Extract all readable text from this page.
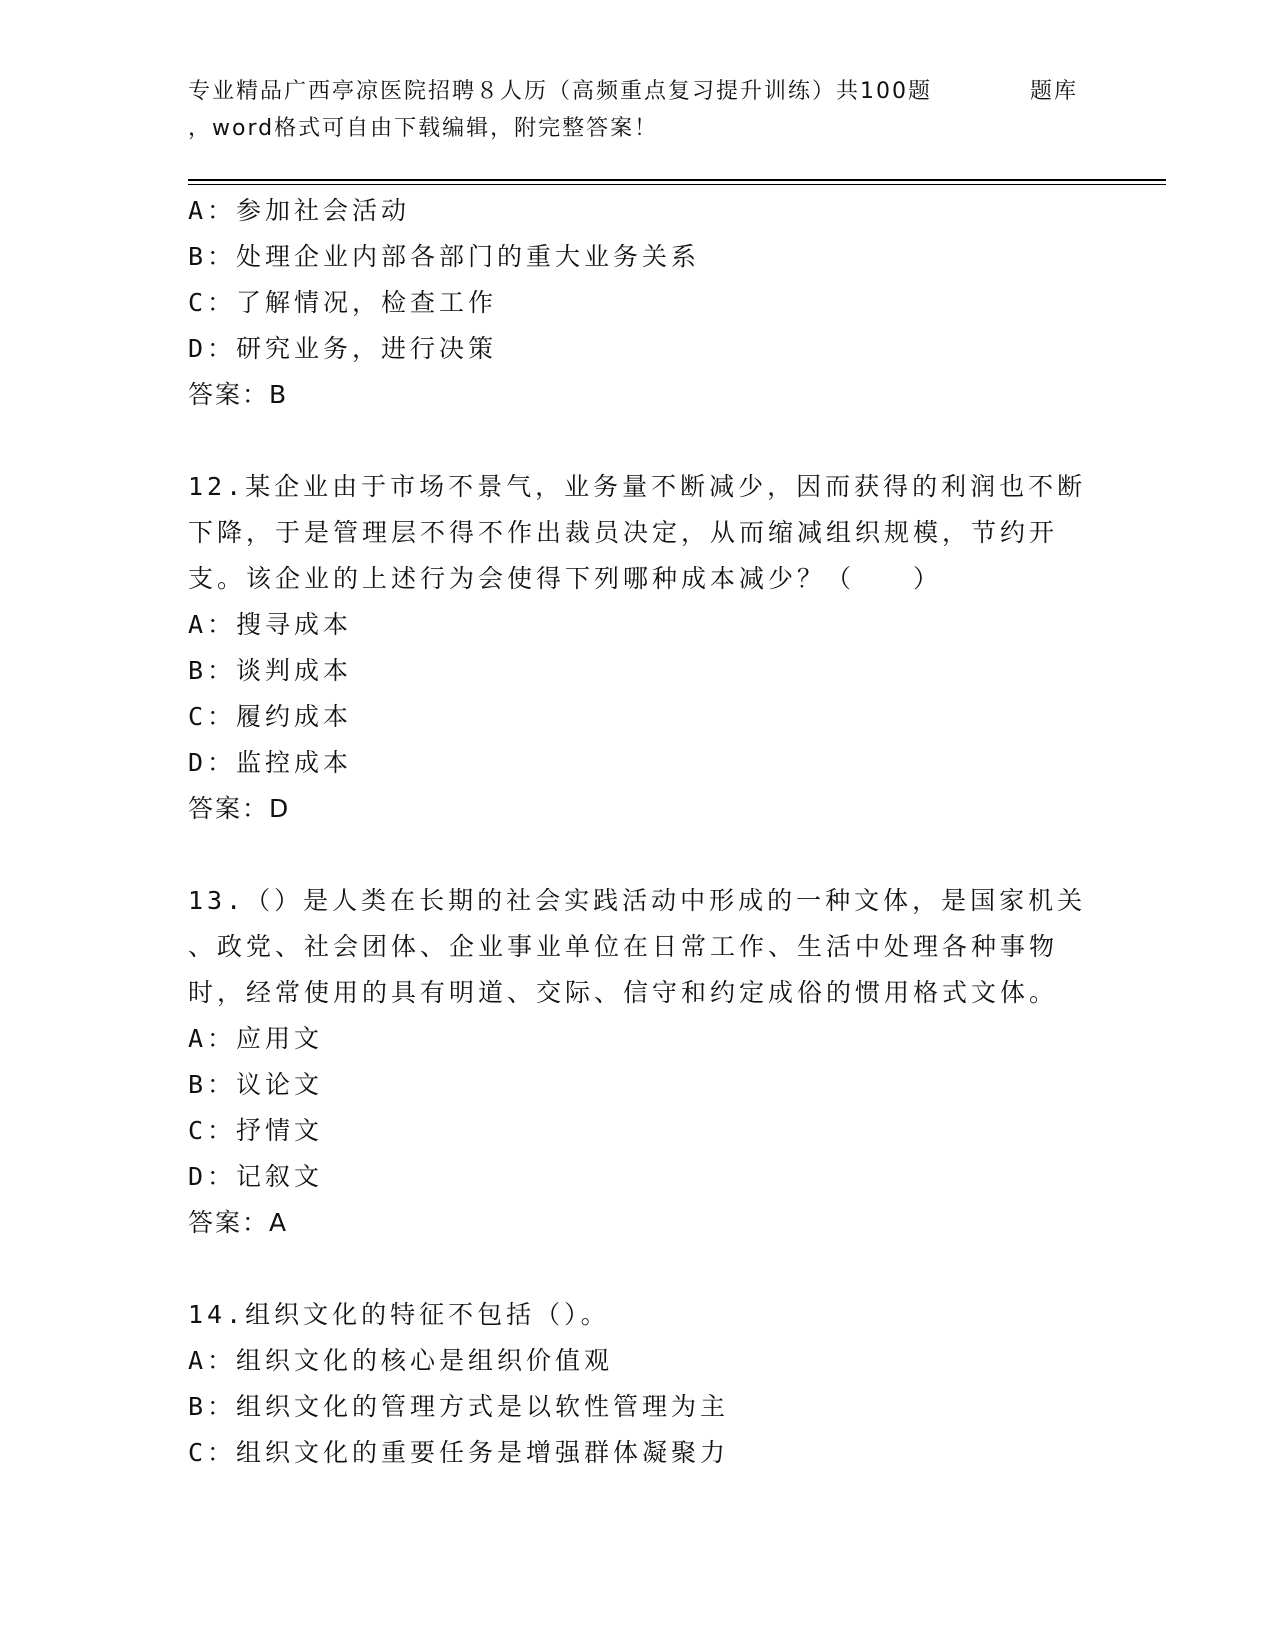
专业精品广西亭凉医院招聘８人历（高频重点复习提升训练）共100题	题库
，word格式可自由下载编辑，附完整答案！
A：参加社会活动
B：处理企业内部各部门的重大业务关系
C：了解情况，检查工作
D：研究业务，进行决策
答案：B
12.某企业由于市场不景气，业务量不断减少，因而获得的利润也不断
下降，于是管理层不得不作出裁员决定，从而缩减组织规模，节约开
支。该企业的上述行为会使得下列哪种成本减少？（　　）
A：搜寻成本
B：谈判成本
C：履约成本
D：监控成本
答案：D
13.（）是人类在长期的社会实践活动中形成的一种文体，是国家机关
、政党、社会团体、企业事业单位在日常工作、生活中处理各种事物
时，经常使用的具有明道、交际、信守和约定成俗的惯用格式文体。
A：应用文
B：议论文
C：抒情文
D：记叙文
答案：A
14.组织文化的特征不包括（）。
A：组织文化的核心是组织价值观
B：组织文化的管理方式是以软性管理为主
C：组织文化的重要任务是增强群体凝聚力
